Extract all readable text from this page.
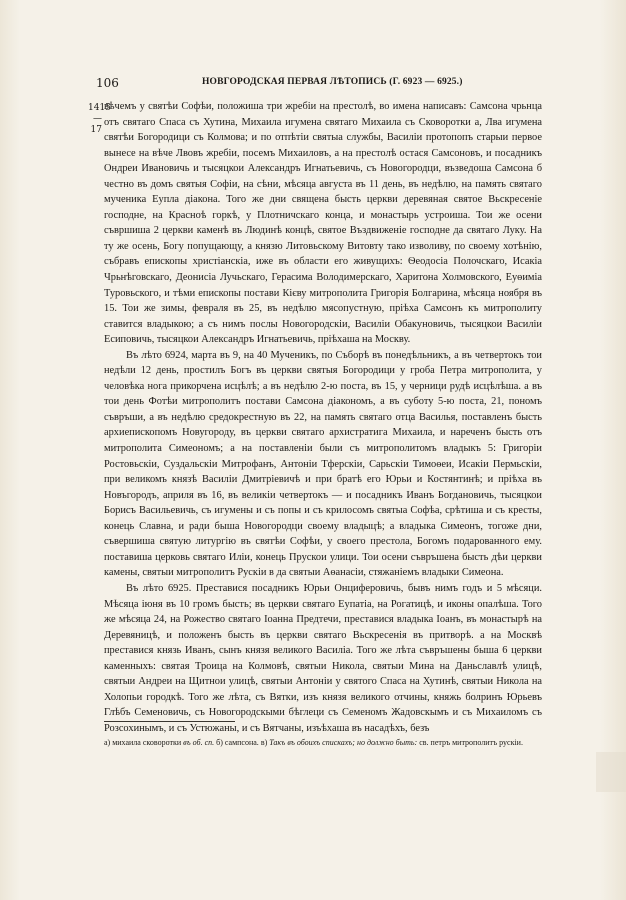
106	НОВГОРОДСКАЯ ПЕРВАЯ ЛѢТОПИСЬ (Г. 6923 — 6925.)
1415 —17

вѣчемъ у святѣи Софѣи, положиша три жребіи на престолѣ, во имена написавъ: Самсона чрьнца отъ святаго Спаса съ Хутина, Михаила игумена святаго Михаила съ Сковоротки а, Лва игумена святѣи Богородици съ Колмова; и по отпѣтіи святыа службы, Василіи протопопъ старыи первое вынесе на вѣче Лвовъ жребіи, посемъ Михаиловъ, а на престолѣ остася Самсоновъ, и посадникъ Ондреи Ивановичь и тысяцкои Александръ Игнатьевичь, съ Новогородци, възведоша Самсона б честно въ домъ святыя Софіи, на сѣни, мѣсяца августа въ 11 день, въ недѣлю, на память святаго мученика Еупла діакона. Того же дни священа бысть церкви деревяная святое Вьскресеніе господне, на Красноѣ горкѣ, у Плотничскаго конца, и монастырь устроиша. Тои же осени съвршиша 2 церкви каменѣ въ Людинѣ концѣ, святое Въздвиженіе господне да святаго Луку. На ту же осень, Богу попущающу, а князю Литовьскому Витовту тако изволиву, по своему хотѣнію, събравъ епископы христіанскіа, иже въ области его живущихъ: Ѳеодосіа Полочскаго, Исакіа Чрьнѣговскаго, Деонисіа Лучьскаго, Герасима Володимерскаго, Харитона Холмовского, Еуѳиміа Туровьского, и тѣми епископы постави Кієву митрополита Григорія Болгарина, мѣсяца ноября въ 15. Тои же зимы, февраля въ 25, въ недѣлю мясопустную, пріѣха Самсонъ къ митрополиту ставится владыкою; а съ нимъ послы Новогородскіи, Василіи Обакуновичь, тысяцкои Василіи Есиповичь, тысяцкои Александръ Игнатьевичь, пріѣхаша на Москву.

Въ лѣто 6924, марта въ 9, на 40 Мученикъ, по Съборѣ въ понедѣльникъ, а въ четвертокъ тои недѣли 12 день, простилъ Богъ въ церкви святыя Богородици у гроба Петра митрополита, у человѣка нога прикорчена исцѣлѣ; а въ недѣлю 2-ю поста, въ 15, у черници рудѣ исцѣлѣша. а въ тои день Фотѣи митрополитъ постави Самсона діакономъ, а въ суботу 5-ю поста, 21, пономъ съвръши, а въ недѣлю средокрестную въ 22, на память святаго отца Василья, поставленъ бысть архиепископомъ Новугороду, въ церкви святаго архистратига Михаила, и нареченъ бысть отъ митрополита Симеономъ; а на поставленіи были съ митрополитомъ владыкъ 5: Григоріи Ростовьскіи, Суздальскіи Митрофанъ, Антоніи Тферскіи, Сарьскіи Тимоѳеи, Исакіи Пермьскіи, при великомъ князѣ Василіи Дмитріевичѣ и при братѣ его Юрьи и Костянтинѣ; и пріѣха въ Новъгородъ, априля въ 16, въ великіи четвертокъ — и посадникъ Иванъ Богдановичь, тысяцкои Борисъ Васильевичь, съ игумены и съ попы и съ крилосомъ святыа Софѣа, срѣтиша и съ кресты, конець Славна, и ради быша Новогородци своему владыцѣ; а владыка Симеонъ, тогоже дни, съвершиша святую литургію въ святѣи Софѣи, у своего престола, Богомъ подарованного ему. поставиша церковь святаго Иліи, конець Прускои улици. Тои осени съвръшена бысть дѣи церкви камены, святыи митрополитъ Рускіи в да святыи Аѳанасіи, стяжаніемъ владыки Симеона.

Въ лѣто 6925. Преставися посадникъ Юрьи Онциферовичь, бывъ нимъ годъ и 5 мѣсяци. Мѣсяца іюня въ 10 громъ бысть; въ церкви святаго Еупатіа, на Рогатицѣ, и иконы опалѣша. Того же мѣсяца 24, на Рожество святаго Іоанна Предтечи, преставися владыка Іоанъ, въ монастырѣ на Деревяницѣ, и положенъ бысть въ церкви святаго Вьскресенія въ притворѣ. а на Москвѣ преставися князь Иванъ, сынъ князя великого Василіа. Того же лѣта съвръшены быша 6 церкви каменныхъ: святая Троица на Колмовѣ, святыи Никола, святыи Мина на Даньславлѣ улицѣ, святыи Андреи на Щитнои улицѣ, святыи Антоніи у святого Спаса на Хутинѣ, святыи Никола на Холопьи городкѣ. Того же лѣта, съ Вятки, изъ князя великого отчины, княжь болринъ Юрьевъ Глѣбъ Семеновичь, съ Новогородскыми бѣглеци съ Семеномъ Жадовскымъ и съ Михаиломъ съ Розсохинымъ, и съ Устюжаны, и съ Вятчаны, изъѣхаша въ насадѣхъ, безъ

а) михаила сковоротки въ об. сп. б) сампсона. в) Такъ въ обоихъ спискахъ; но должно быть: св. петръ митрополитъ рускіи.
